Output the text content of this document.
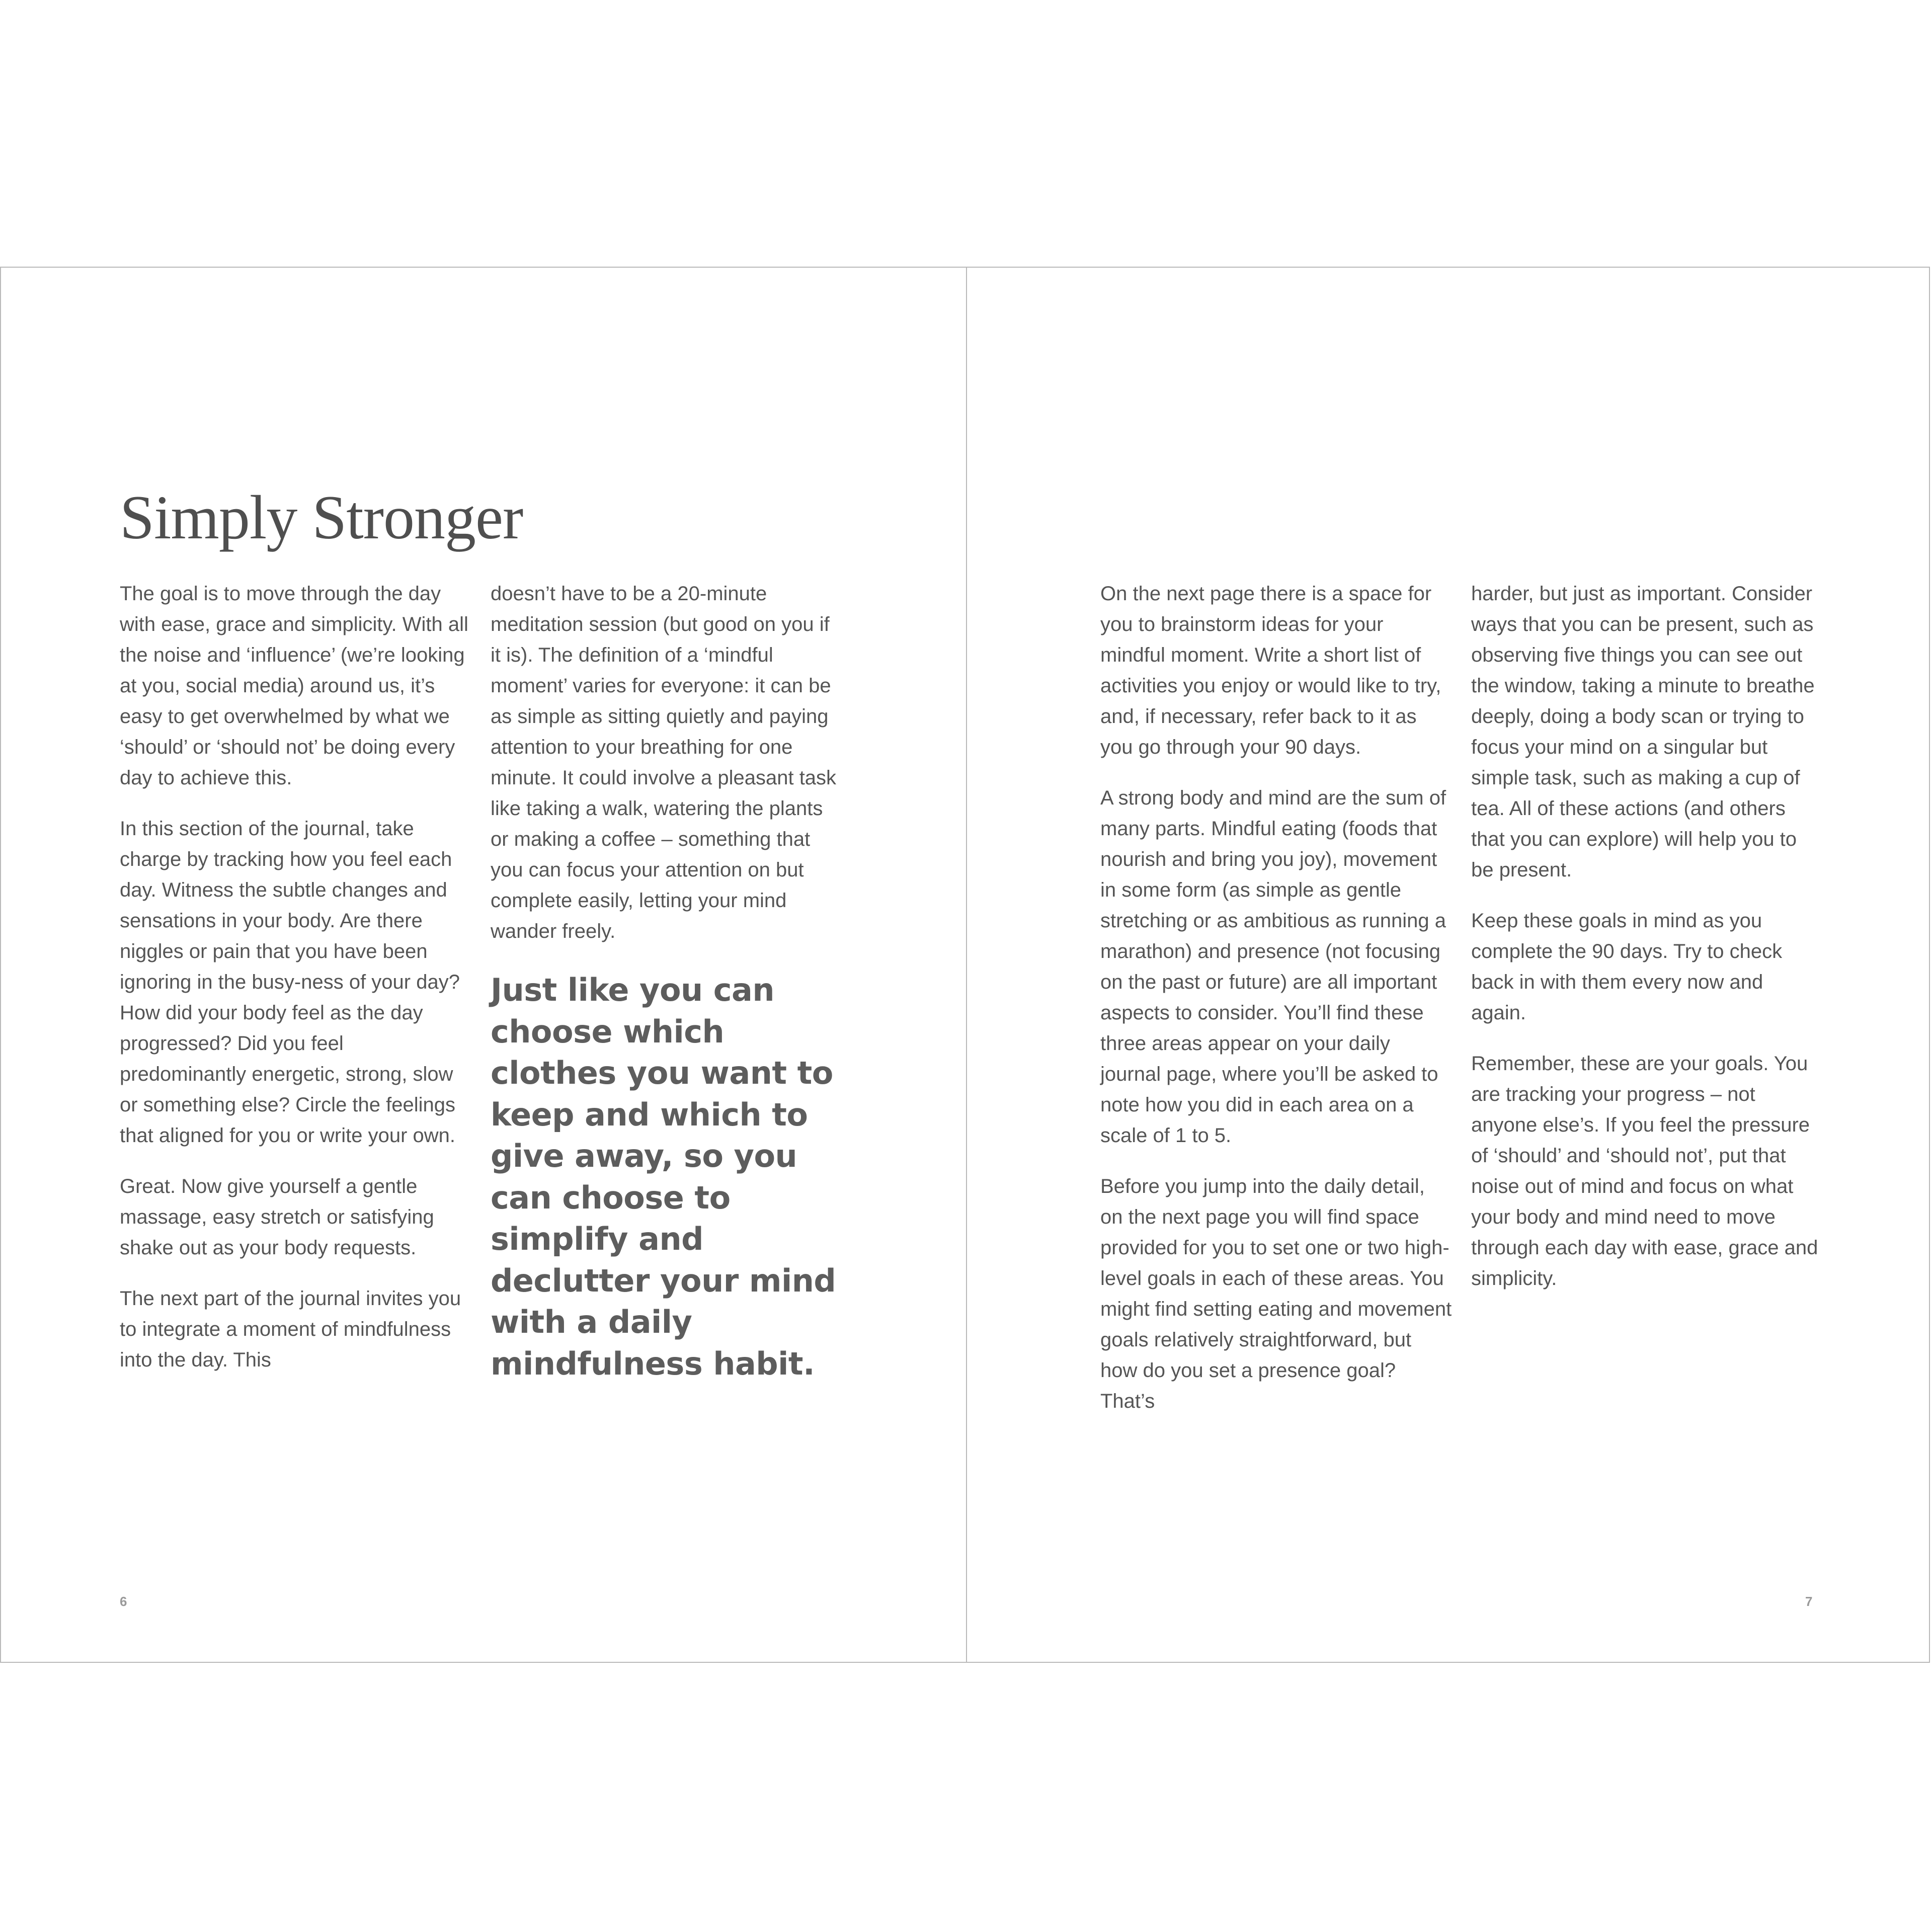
Simply Stronger

The goal is to move through the day with ease, grace and simplicity. With all the noise and ‘influence’ (we’re looking at you, social media) around us, it’s easy to get overwhelmed by what we ‘should’ or ‘should not’ be doing every day to achieve this.

In this section of the journal, take charge by tracking how you feel each day. Witness the subtle changes and sensations in your body. Are there niggles or pain that you have been ignoring in the busy-ness of your day? How did your body feel as the day progressed? Did you feel predominantly energetic, strong, slow or something else? Circle the feelings that aligned for you or write your own.

Great. Now give yourself a gentle massage, easy stretch or satisfying shake out as your body requests.

The next part of the journal invites you to integrate a moment of mindfulness into the day. This

doesn’t have to be a 20-minute meditation session (but good on you if it is). The definition of a ‘mindful moment’ varies for everyone: it can be as simple as sitting quietly and paying attention to your breathing for one minute. It could involve a pleasant task like taking a walk, watering the plants or making a coffee – something that you can focus your attention on but complete easily, letting your mind wander freely.

Just like you can choose which clothes you want to keep and which to give away, so you can choose to simplify and declutter your mind with a daily mindfulness habit.

On the next page there is a space for you to brainstorm ideas for your mindful moment. Write a short list of activities you enjoy or would like to try, and, if necessary, refer back to it as you go through your 90 days.

A strong body and mind are the sum of many parts. Mindful eating (foods that nourish and bring you joy), movement in some form (as simple as gentle stretching or as ambitious as running a marathon) and presence (not focusing on the past or future) are all important aspects to consider. You’ll find these three areas appear on your daily journal page, where you’ll be asked to note how you did in each area on a scale of 1 to 5.

Before you jump into the daily detail, on the next page you will find space provided for you to set one or two high-level goals in each of these areas. You might find setting eating and movement goals relatively straightforward, but how do you set a presence goal? That’s

harder, but just as important. Consider ways that you can be present, such as observing five things you can see out the window, taking a minute to breathe deeply, doing a body scan or trying to focus your mind on a singular but simple task, such as making a cup of tea. All of these actions (and others that you can explore) will help you to be present.

Keep these goals in mind as you complete the 90 days. Try to check back in with them every now and again.

Remember, these are your goals. You are tracking your progress – not anyone else’s. If you feel the pressure of ‘should’ and ‘should not’, put that noise out of mind and focus on what your body and mind need to move through each day with ease, grace and simplicity.

6	7
